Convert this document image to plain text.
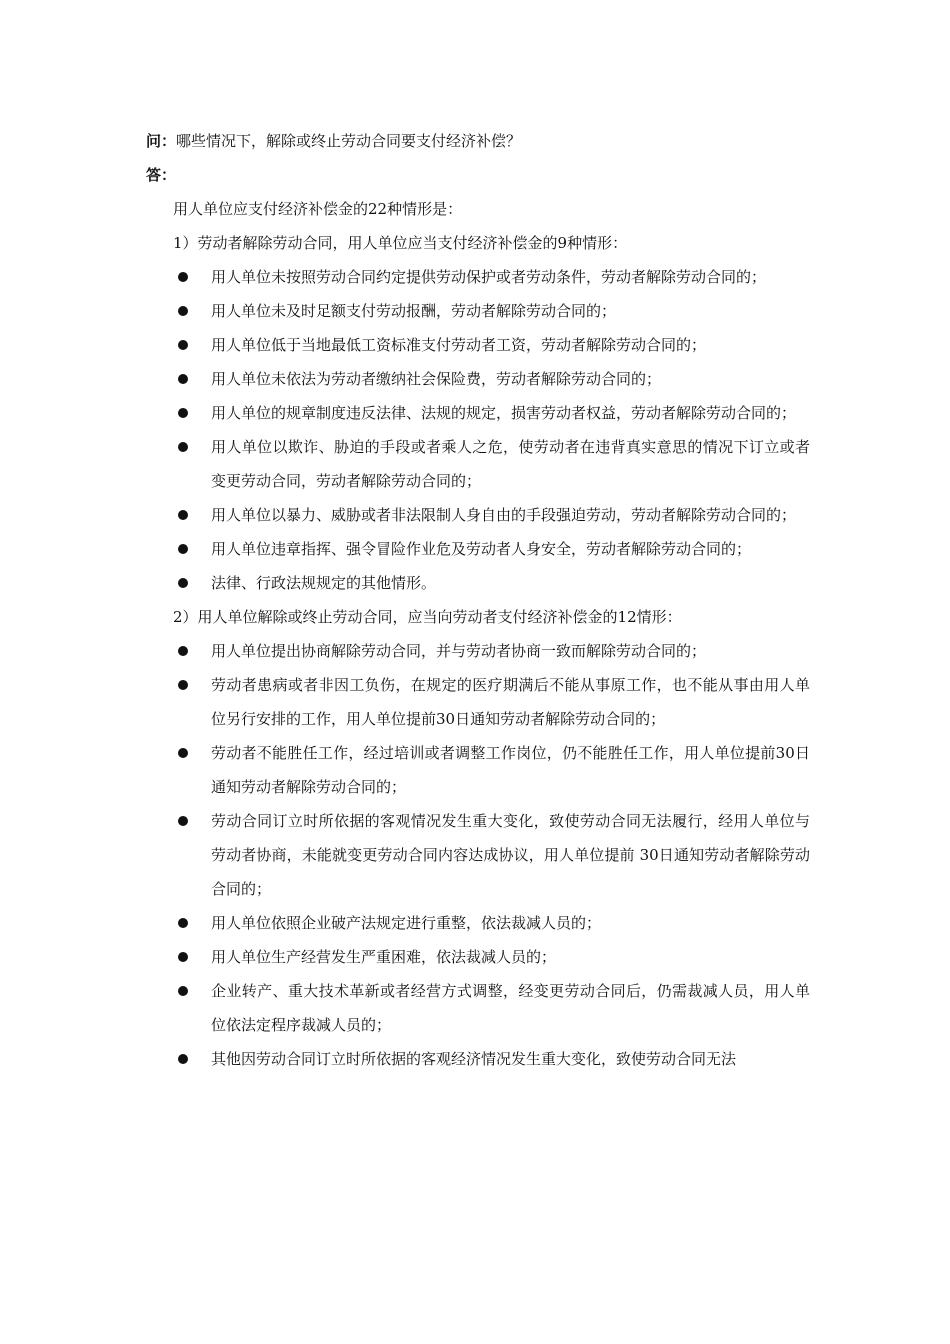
问：哪些情况下，解除或终止劳动合同要支付经济补偿？
答：
用人单位应支付经济补偿金的22种情形是：
1）劳动者解除劳动合同，用人单位应当支付经济补偿金的9种情形：
用人单位未按照劳动合同约定提供劳动保护或者劳动条件，劳动者解除劳动合同的；
用人单位未及时足额支付劳动报酬，劳动者解除劳动合同的；
用人单位低于当地最低工资标准支付劳动者工资，劳动者解除劳动合同的；
用人单位未依法为劳动者缴纳社会保险费，劳动者解除劳动合同的；
用人单位的规章制度违反法律、法规的规定，损害劳动者权益，劳动者解除劳动合同的；
用人单位以欺诈、胁迫的手段或者乘人之危，使劳动者在违背真实意思的情况下订立或者变更劳动合同，劳动者解除劳动合同的；
用人单位以暴力、威胁或者非法限制人身自由的手段强迫劳动，劳动者解除劳动合同的；
用人单位违章指挥、强令冒险作业危及劳动者人身安全，劳动者解除劳动合同的；
法律、行政法规规定的其他情形。
2）用人单位解除或终止劳动合同，应当向劳动者支付经济补偿金的12情形：
用人单位提出协商解除劳动合同，并与劳动者协商一致而解除劳动合同的；
劳动者患病或者非因工负伤，在规定的医疗期满后不能从事原工作，也不能从事由用人单位另行安排的工作，用人单位提前30日通知劳动者解除劳动合同的；
劳动者不能胜任工作，经过培训或者调整工作岗位，仍不能胜任工作，用人单位提前30日通知劳动者解除劳动合同的；
劳动合同订立时所依据的客观情况发生重大变化，致使劳动合同无法履行，经用人单位与劳动者协商，未能就变更劳动合同内容达成协议，用人单位提前 30日通知劳动者解除劳动合同的；
用人单位依照企业破产法规定进行重整，依法裁减人员的；
用人单位生产经营发生严重困难，依法裁减人员的；
企业转产、重大技术革新或者经营方式调整，经变更劳动合同后，仍需裁减人员，用人单位依法定程序裁减人员的；
其他因劳动合同订立时所依据的客观经济情况发生重大变化，致使劳动合同无法
